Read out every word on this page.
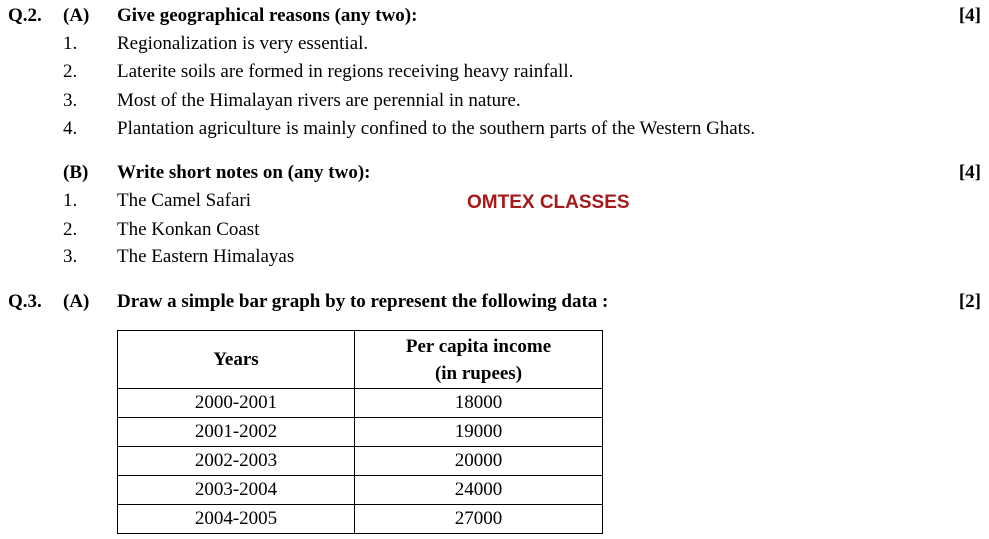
Q.2. (A) Give geographical reasons (any two):	[4]
1. Regionalization is very essential.
2. Laterite soils are formed in regions receiving heavy rainfall.
3. Most of the Himalayan rivers are perennial in nature.
4. Plantation agriculture is mainly confined to the southern parts of the Western Ghats.
(B) Write short notes on (any two):	[4]
1. The Camel Safari	OMTEX CLASSES
2. The Konkan Coast
3. The Eastern Himalayas
Q.3. (A) Draw a simple bar graph by to represent the following data :	[2]
Years	Per capita income
(in rupees)
2000-2001	18000
2001-2002	19000
2002-2003	20000
2003-2004	24000
2004-2005	27000
